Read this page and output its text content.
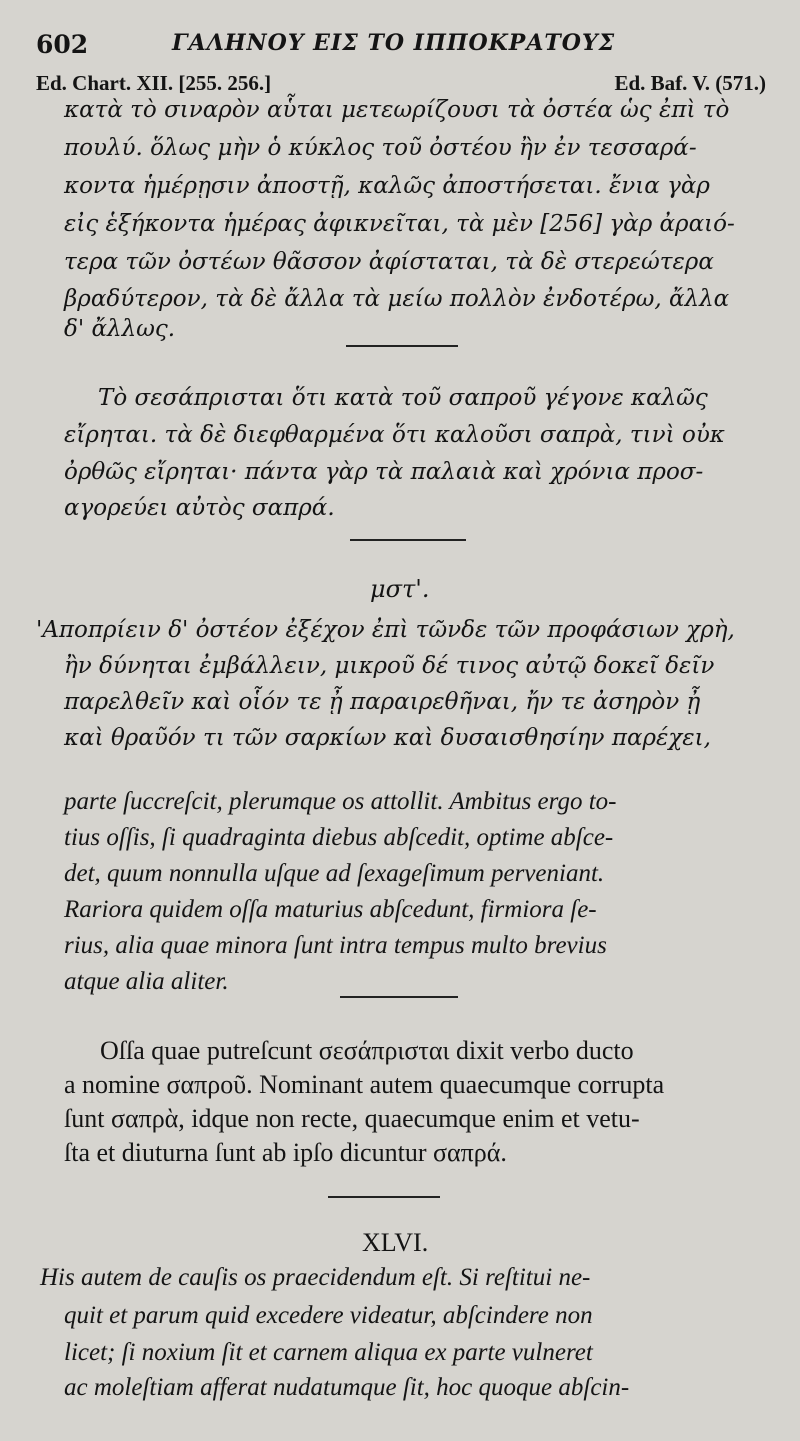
602	ΓΑΛΗΝΟΥ ΕΙΣ ΤΟ ΙΠΠΟΚΡΑΤΟΥΣ
Ed. Chart. XII. [255. 256.]	Ed. Baf. V. (571.)
κατὰ τὸ σιναρὸν αὗται μετεωρίζουσι τὰ ὀστέα ὡς ἐπὶ τὸ
πουλύ. ὅλως μὴν ὁ κύκλος τοῦ ὀστέου ἢν ἐν τεσσαρά-
κοντα ἡμέρῃσιν ἀποστῇ, καλῶς ἀποστήσεται. ἔνια γὰρ
εἰς ἑξήκοντα ἡμέρας ἀφικνεῖται, τὰ μὲν [256] γὰρ ἀραιό-
τερα τῶν ὀστέων θᾶσσον ἀφίσταται, τὰ δὲ στερεώτερα
βραδύτερον, τὰ δὲ ἄλλα τὰ μείω πολλὸν ἐνδοτέρω, ἄλλα
δ' ἄλλως.
Τὸ σεσάπρισται ὅτι κατὰ τοῦ σαπροῦ γέγονε καλῶς
εἴρηται. τὰ δὲ διεφθαρμένα ὅτι καλοῦσι σαπρὰ, τινὶ οὐκ
ὀρθῶς εἴρηται· πάντα γὰρ τὰ παλαιὰ καὶ χρόνια προσ-
αγορεύει αὐτὸς σαπρά.
μστ'.
'Αποπρίειν δ' ὀστέον ἐξέχον ἐπὶ τῶνδε τῶν προφάσιων χρὴ,
ἢν δύνηται ἐμβάλλειν, μικροῦ δέ τινος αὐτῷ δοκεῖ δεῖν
παρελθεῖν καὶ οἷόν τε ᾖ παραιρεθῆναι, ἤν τε ἀσηρὸν ᾖ
καὶ θραῦόν τι τῶν σαρκίων καὶ δυσαισθησίην παρέχει,
parte ſuccreſcit, plerumque os attollit. Ambitus ergo to-
tius oſſis, ſi quadraginta diebus abſcedit, optime abſce-
det, quum nonnulla uſque ad ſexageſimum perveniant.
Rariora quidem oſſa maturius abſcedunt, firmiora ſe-
rius, alia quae minora ſunt intra tempus multo brevius
atque alia aliter.
Oſſa quae putreſcunt σεσάπρισται dixit verbo ducto
a nomine σαπροῦ. Nominant autem quaecumque corrupta
ſunt σαπρὰ, idque non recte, quaecumque enim et vetu-
ſta et diuturna ſunt ab ipſo dicuntur σαπρά.
XLVI.
His autem de cauſis os praecidendum eſt. Si reſtitui ne-
quit et parum quid excedere videatur, abſcindere non
licet; ſi noxium ſit et carnem aliqua ex parte vulneret
ac moleſtiam afferat nudatumque ſit, hoc quoque abſcin-
